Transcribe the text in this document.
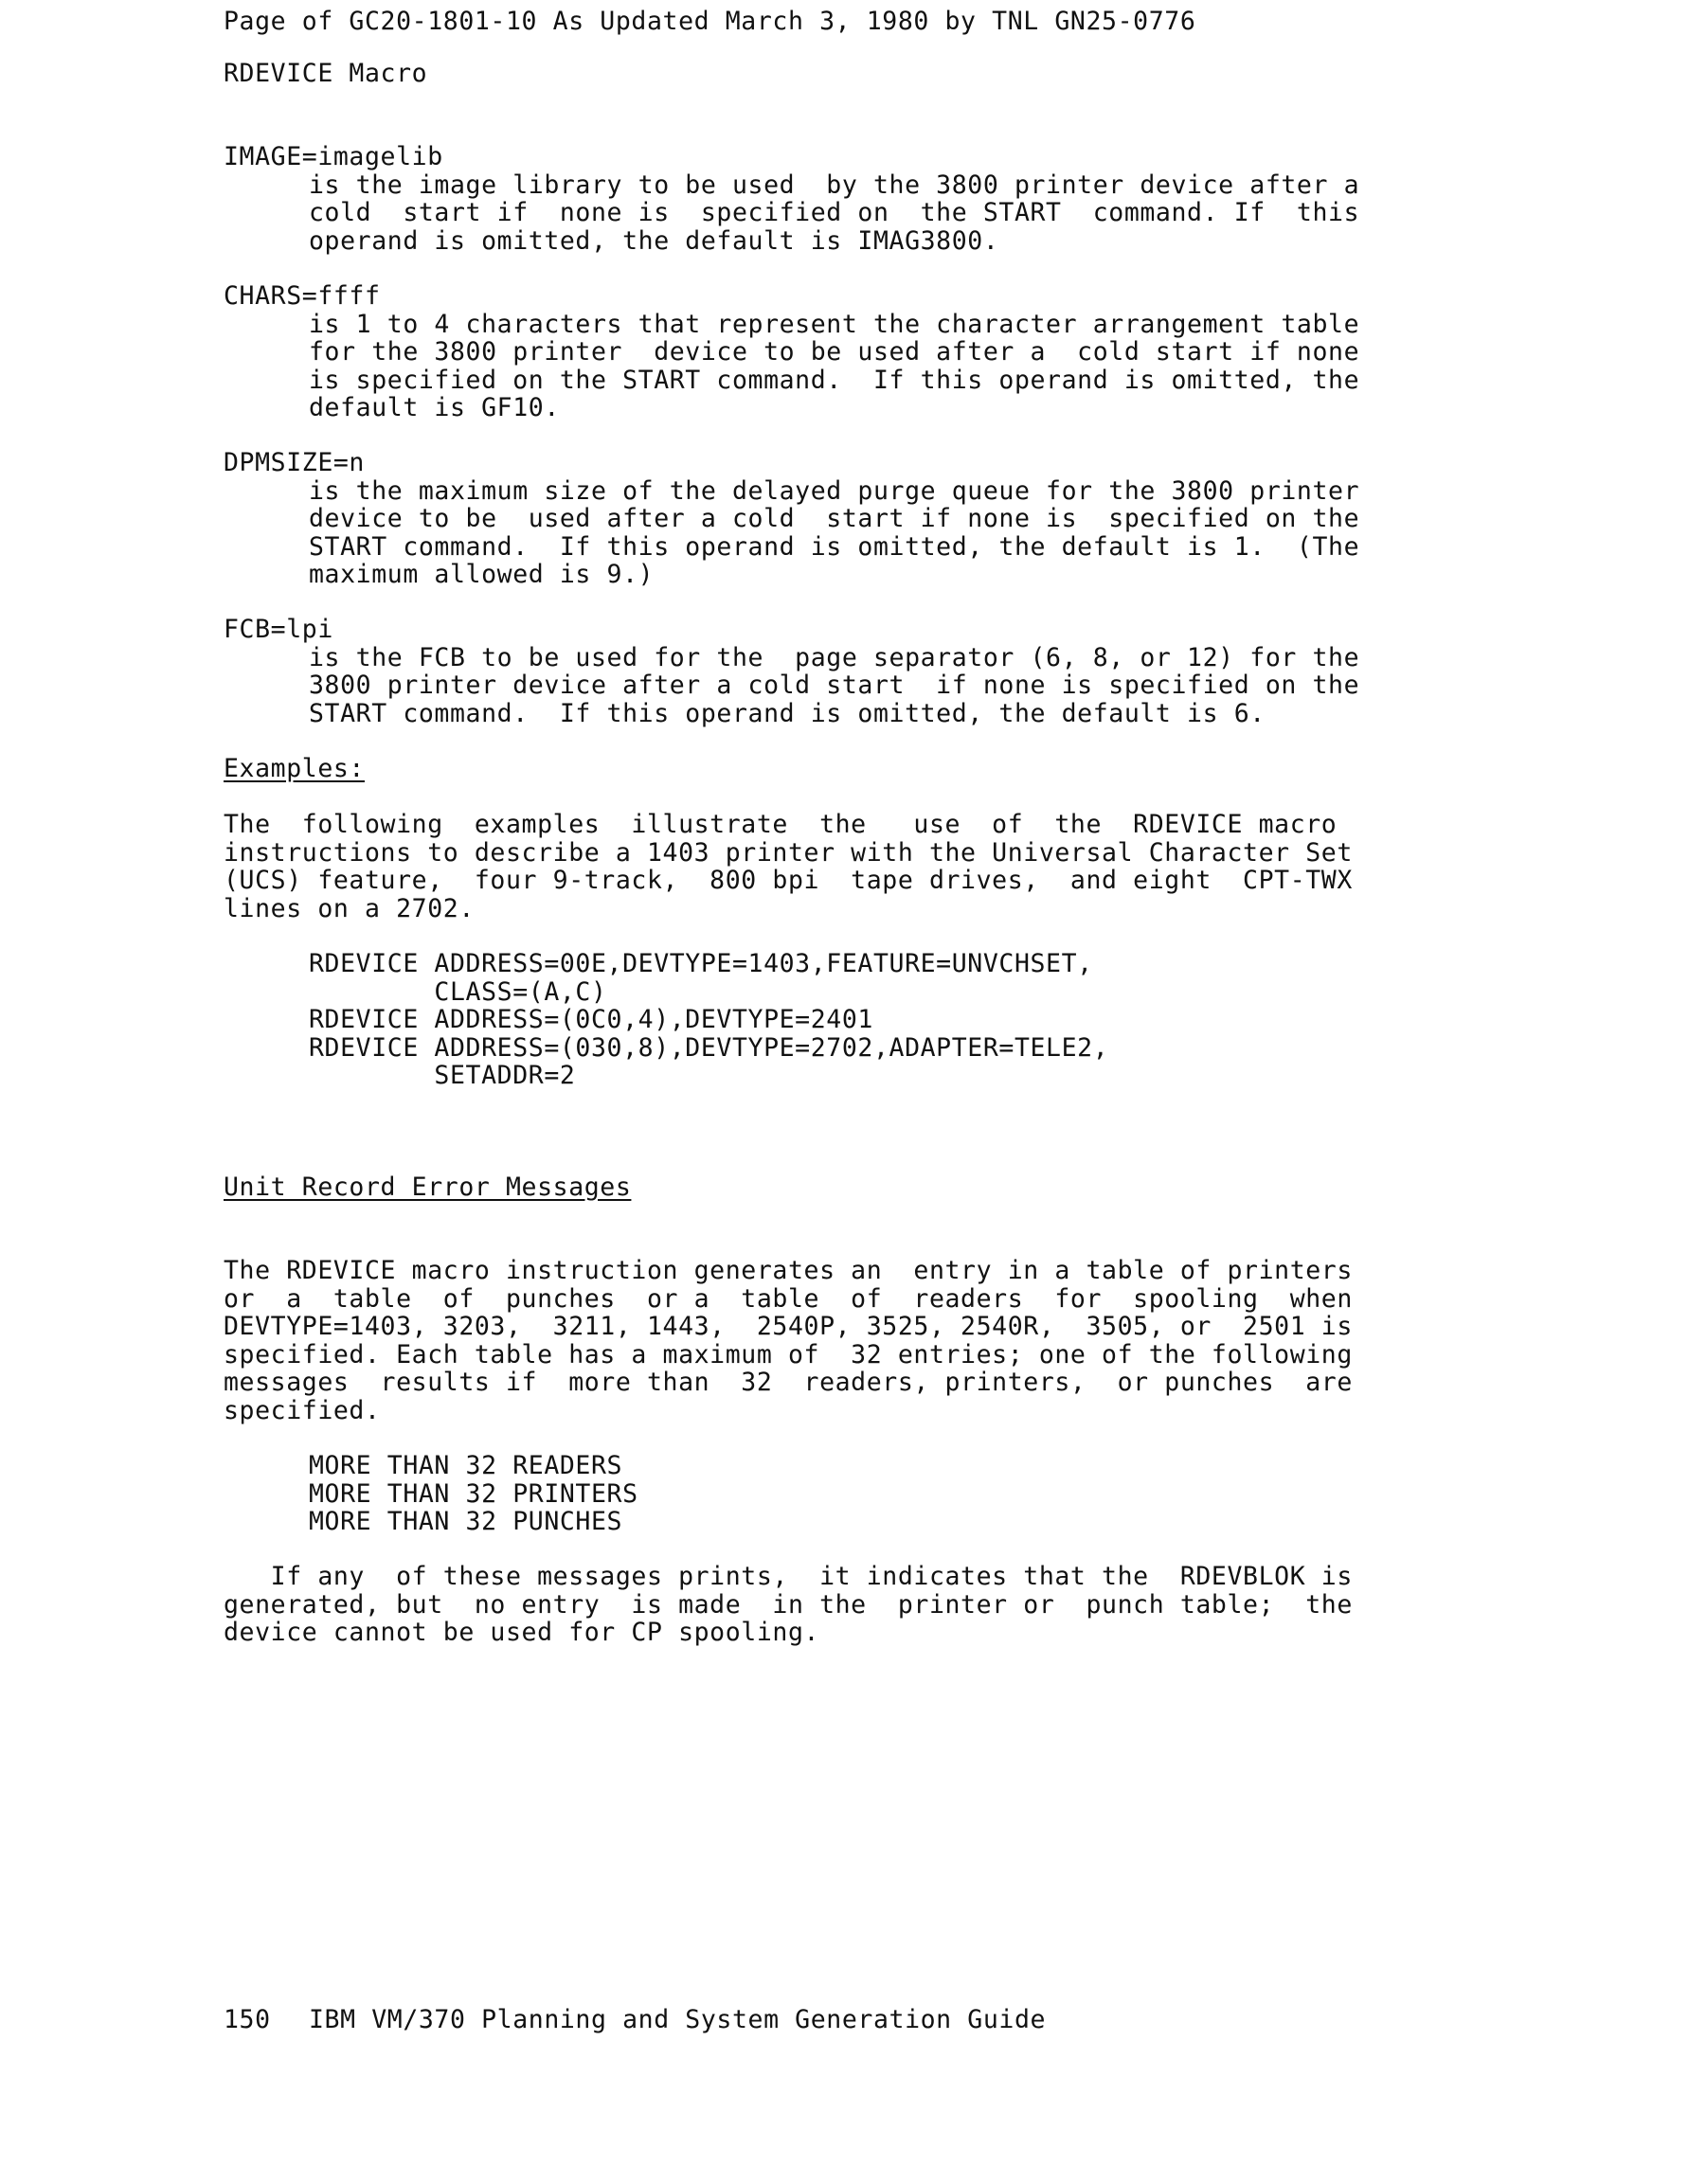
Page of GC20-1801-10 As Updated March 3, 1980 by TNL GN25-0776
RDEVICE Macro
IMAGE=imagelib
is the image library to be used  by the 3800 printer device after a
cold  start if  none is  specified on  the START  command. If  this
operand is omitted, the default is IMAG3800.
CHARS=ffff
is 1 to 4 characters that represent the character arrangement table
for the 3800 printer  device to be used after a  cold start if none
is specified on the START command.  If this operand is omitted, the
default is GF10.
DPMSIZE=n
is the maximum size of the delayed purge queue for the 3800 printer
device to be  used after a cold  start if none is  specified on the
START command.  If this operand is omitted, the default is 1.  (The
maximum allowed is 9.)
FCB=lpi
is the FCB to be used for the  page separator (6, 8, or 12) for the
3800 printer device after a cold start  if none is specified on the
START command.  If this operand is omitted, the default is 6.
Examples:
The  following  examples  illustrate  the   use  of  the  RDEVICE macro
instructions to describe a 1403 printer with the Universal Character Set
(UCS) feature,  four 9-track,  800 bpi  tape drives,  and eight  CPT-TWX
lines on a 2702.
RDEVICE ADDRESS=00E,DEVTYPE=1403,FEATURE=UNVCHSET,
CLASS=(A,C)
RDEVICE ADDRESS=(0C0,4),DEVTYPE=2401
RDEVICE ADDRESS=(030,8),DEVTYPE=2702,ADAPTER=TELE2,
SETADDR=2
Unit Record Error Messages
The RDEVICE macro instruction generates an  entry in a table of printers
or  a  table  of  punches  or a  table  of  readers  for  spooling  when
DEVTYPE=1403, 3203,  3211, 1443,  2540P, 3525, 2540R,  3505, or  2501 is
specified. Each table has a maximum of  32 entries; one of the following
messages  results if  more than  32  readers, printers,  or punches  are
specified.
MORE THAN 32 READERS
MORE THAN 32 PRINTERS
MORE THAN 32 PUNCHES
If any  of these messages prints,  it indicates that the  RDEVBLOK is
generated, but  no entry  is made  in the  printer or  punch table;  the
device cannot be used for CP spooling.
150 IBM VM/370 Planning and System Generation Guide
